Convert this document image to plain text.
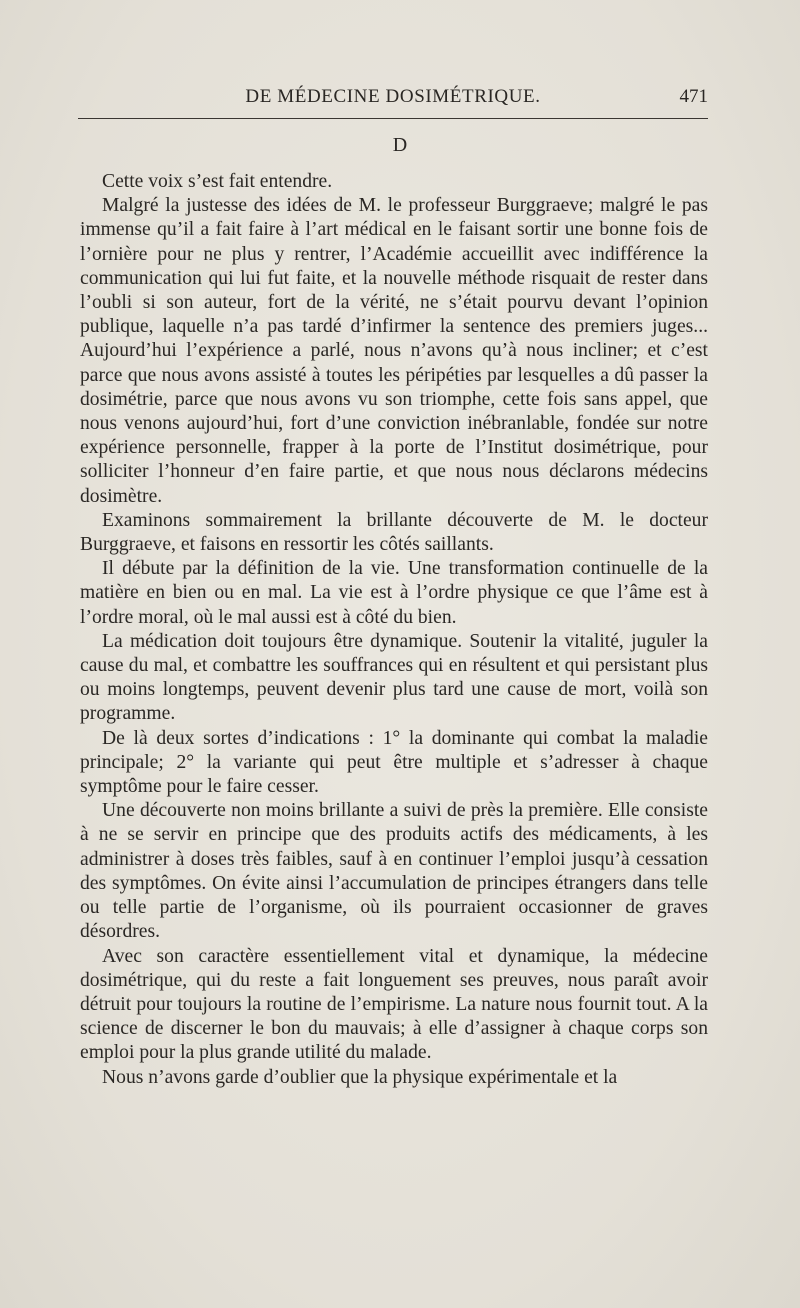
DE MÉDECINE DOSIMÉTRIQUE.	471
D

Cette voix s’est fait entendre.

Malgré la justesse des idées de M. le professeur Burggraeve; malgré le pas immense qu’il a fait faire à l’art médical en le faisant sortir une bonne fois de l’ornière pour ne plus y rentrer, l’Académie accueillit avec indifférence la communication qui lui fut faite, et la nouvelle méthode risquait de rester dans l’oubli si son auteur, fort de la vérité, ne s’était pourvu devant l’opinion publique, laquelle n’a pas tardé d’infirmer la sentence des premiers juges... Aujourd’hui l’expérience a parlé, nous n’avons qu’à nous incliner; et c’est parce que nous avons assisté à toutes les péripéties par lesquelles a dû passer la dosimétrie, parce que nous avons vu son triomphe, cette fois sans appel, que nous venons aujourd’hui, fort d’une conviction inébranlable, fondée sur notre expérience personnelle, frapper à la porte de l’Institut dosimétrique, pour solliciter l’honneur d’en faire partie, et que nous nous déclarons médecins dosimètre.

Examinons sommairement la brillante découverte de M. le docteur Burggraeve, et faisons en ressortir les côtés saillants.

Il débute par la définition de la vie. Une transformation continuelle de la matière en bien ou en mal. La vie est à l’ordre physique ce que l’âme est à l’ordre moral, où le mal aussi est à côté du bien.

La médication doit toujours être dynamique. Soutenir la vitalité, juguler la cause du mal, et combattre les souffrances qui en résultent et qui persistant plus ou moins longtemps, peuvent devenir plus tard une cause de mort, voilà son programme.

De là deux sortes d’indications : 1° la dominante qui combat la maladie principale; 2° la variante qui peut être multiple et s’adresser à chaque symptôme pour le faire cesser.

Une découverte non moins brillante a suivi de près la première. Elle consiste à ne se servir en principe que des produits actifs des médicaments, à les administrer à doses très faibles, sauf à en continuer l’emploi jusqu’à cessation des symptômes. On évite ainsi l’accumulation de principes étrangers dans telle ou telle partie de l’organisme, où ils pourraient occasionner de graves désordres.

Avec son caractère essentiellement vital et dynamique, la médecine dosimétrique, qui du reste a fait longuement ses preuves, nous paraît avoir détruit pour toujours la routine de l’empirisme. La nature nous fournit tout. A la science de discerner le bon du mauvais; à elle d’assigner à chaque corps son emploi pour la plus grande utilité du malade.

Nous n’avons garde d’oublier que la physique expérimentale et la
